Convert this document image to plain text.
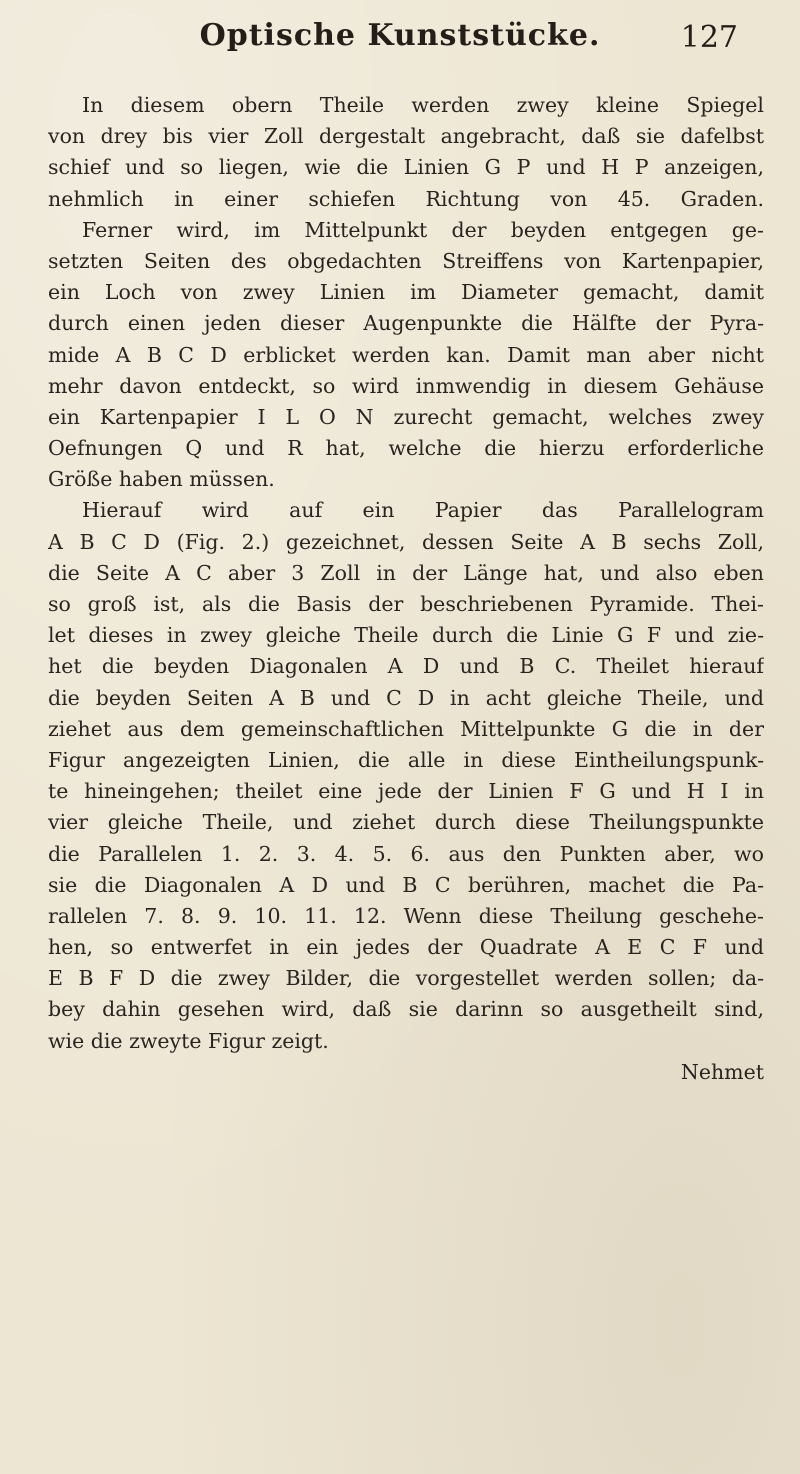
Optische Kunststücke.	127
In diesem obern Theile werden zwey kleine Spiegel
von drey bis vier Zoll dergestalt angebracht, daß sie dafelbst
schief und so liegen, wie die Linien G P und H P anzeigen,
nehmlich in einer schiefen Richtung von 45. Graden.
Ferner wird, im Mittelpunkt der beyden entgegen ge-
setzten Seiten des obgedachten Streiffens von Kartenpapier,
ein Loch von zwey Linien im Diameter gemacht, damit
durch einen jeden dieser Augenpunkte die Hälfte der Pyra-
mide A B C D erblicket werden kan. Damit man aber nicht
mehr davon entdeckt, so wird inmwendig in diesem Gehäuse
ein Kartenpapier I L O N zurecht gemacht, welches zwey
Oefnungen Q und R hat, welche die hierzu erforderliche
Größe haben müssen.
Hierauf wird auf ein Papier das Parallelogram
A B C D (Fig. 2.) gezeichnet, dessen Seite A B sechs Zoll,
die Seite A C aber 3 Zoll in der Länge hat, und also eben
so groß ist, als die Basis der beschriebenen Pyramide. Thei-
let dieses in zwey gleiche Theile durch die Linie G F und zie-
het die beyden Diagonalen A D und B C. Theilet hierauf
die beyden Seiten A B und C D in acht gleiche Theile, und
ziehet aus dem gemeinschaftlichen Mittelpunkte G die in der
Figur angezeigten Linien, die alle in diese Eintheilungspunk-
te hineingehen; theilet eine jede der Linien F G und H I in
vier gleiche Theile, und ziehet durch diese Theilungspunkte
die Parallelen 1. 2. 3. 4. 5. 6. aus den Punkten aber, wo
sie die Diagonalen A D und B C berühren, machet die Pa-
rallelen 7. 8. 9. 10. 11. 12. Wenn diese Theilung geschehe-
hen, so entwerfet in ein jedes der Quadrate A E C F und
E B F D die zwey Bilder, die vorgestellet werden sollen; da-
bey dahin gesehen wird, daß sie darinn so ausgetheilt sind,
wie die zweyte Figur zeigt.
Nehmet
